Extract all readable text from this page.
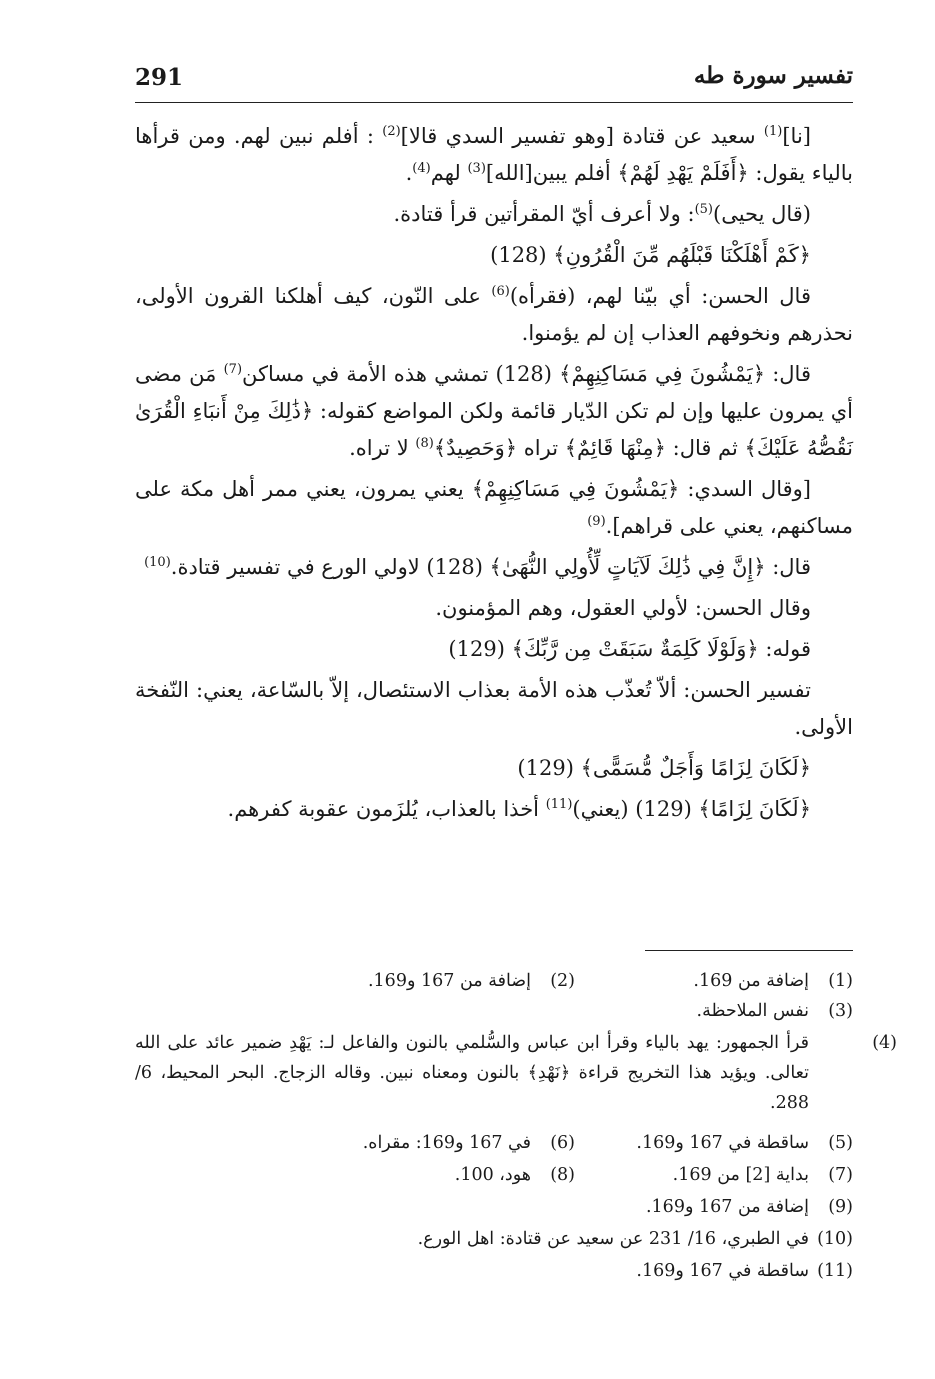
291	تفسير سورة طه

[نا]$^{(1)}$ سعيد عن قتادة [وهو تفسير السدي قالا]$^{(2)}$ : أفلم نبين لهم. ومن قرأها بالياء يقول: ﴿أَفَلَمْ يَهْدِ لَهُمْ﴾ أفلم يبين[الله]$^{(3)}$ لهم$^{(4)}$.

(قال يحيى)$^{(5)}$: ولا أعرف أيّ المقرأتين قرأ قتادة.

﴿كَمْ أَهْلَكْنَا قَبْلَهُم مِّنَ الْقُرُونِ﴾ (128)

قال الحسن: أي بيّنا لهم، (فقرأه)$^{(6)}$ على النّون، كيف أهلكنا القرون الأولى، نحذرهم ونخوفهم العذاب إن لم يؤمنوا.

قال: ﴿يَمْشُونَ فِي مَسَاكِنِهِمْ﴾ (128) تمشي هذه الأمة في مساكن$^{(7)}$ مَن مضى أي يمرون عليها وإن لم تكن الدّيار قائمة ولكن المواضع كقوله: ﴿ذَٰلِكَ مِنْ أَنبَاءِ الْقُرَىٰ نَقُصُّهُ عَلَيْكَ﴾ ثم قال: ﴿مِنْهَا قَائِمٌ﴾ تراه ﴿وَحَصِيدٌ﴾$^{(8)}$ لا تراه.

[وقال السدي: ﴿يَمْشُونَ فِي مَسَاكِنِهِمْ﴾ يعني يمرون، يعني ممر أهل مكة على مساكنهم، يعني على قراهم].$^{(9)}$

قال: ﴿إِنَّ فِي ذَٰلِكَ لَآيَاتٍ لِّأُولِي النُّهَىٰ﴾ (128) لاولي الورع في تفسير قتادة.$^{(10)}$

وقال الحسن: لأولي العقول، وهم المؤمنون.

قوله: ﴿وَلَوْلَا كَلِمَةٌ سَبَقَتْ مِن رَّبِّكَ﴾ (129)

تفسير الحسن: ألاّ تُعذّب هذه الأمة بعذاب الاستئصال، إلاّ بالسّاعة، يعني: النّفخة الأولى.

﴿لَكَانَ لِزَامًا وَأَجَلٌ مُّسَمًّى﴾ (129)

﴿لَكَانَ لِزَامًا﴾ (129) (يعني)$^{(11)}$ أخذا بالعذاب، يُلزَمون عقوبة كفرهم.

(1)إضافة من 169.
(2)إضافة من 167 و169.
(3)نفس الملاحظة.
(4)قرأ الجمهور: يهد بالياء وقرأ ابن عباس والسُّلمي بالنون والفاعل لـ: يَهْدِ ضمير عائد على الله تعالى. ويؤيد هذا التخريج قراءة ﴿نَهْدِ﴾ بالنون ومعناه نبين. وقاله الزجاج. البحر المحيط، 6/ 288.
(5)ساقطة في 167 و169.
(6)في 167 و169: مقراه.
(7)بداية [2] من 169.
(8)هود، 100.
(9)إضافة من 167 و169.
(10)في الطبري، 16/ 231 عن سعيد عن قتادة: اهل الورع.
(11)ساقطة في 167 و169.
